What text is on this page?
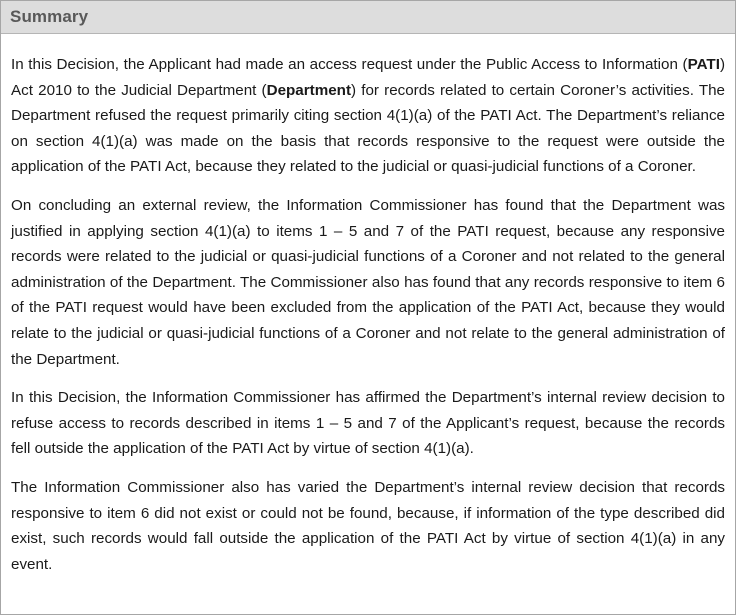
Summary

In this Decision, the Applicant had made an access request under the Public Access to Information (PATI) Act 2010 to the Judicial Department (Department) for records related to certain Coroner’s activities. The Department refused the request primarily citing section 4(1)(a) of the PATI Act. The Department’s reliance on section 4(1)(a) was made on the basis that records responsive to the request were outside the application of the PATI Act, because they related to the judicial or quasi-judicial functions of a Coroner.

On concluding an external review, the Information Commissioner has found that the Department was justified in applying section 4(1)(a) to items 1 – 5 and 7 of the PATI request, because any responsive records were related to the judicial or quasi-judicial functions of a Coroner and not related to the general administration of the Department. The Commissioner also has found that any records responsive to item 6 of the PATI request would have been excluded from the application of the PATI Act, because they would relate to the judicial or quasi-judicial functions of a Coroner and not relate to the general administration of the Department.

In this Decision, the Information Commissioner has affirmed the Department’s internal review decision to refuse access to records described in items 1 – 5 and 7 of the Applicant’s request, because the records fell outside the application of the PATI Act by virtue of section 4(1)(a).

The Information Commissioner also has varied the Department’s internal review decision that records responsive to item 6 did not exist or could not be found, because, if information of the type described did exist, such records would fall outside the application of the PATI Act by virtue of section 4(1)(a) in any event.
